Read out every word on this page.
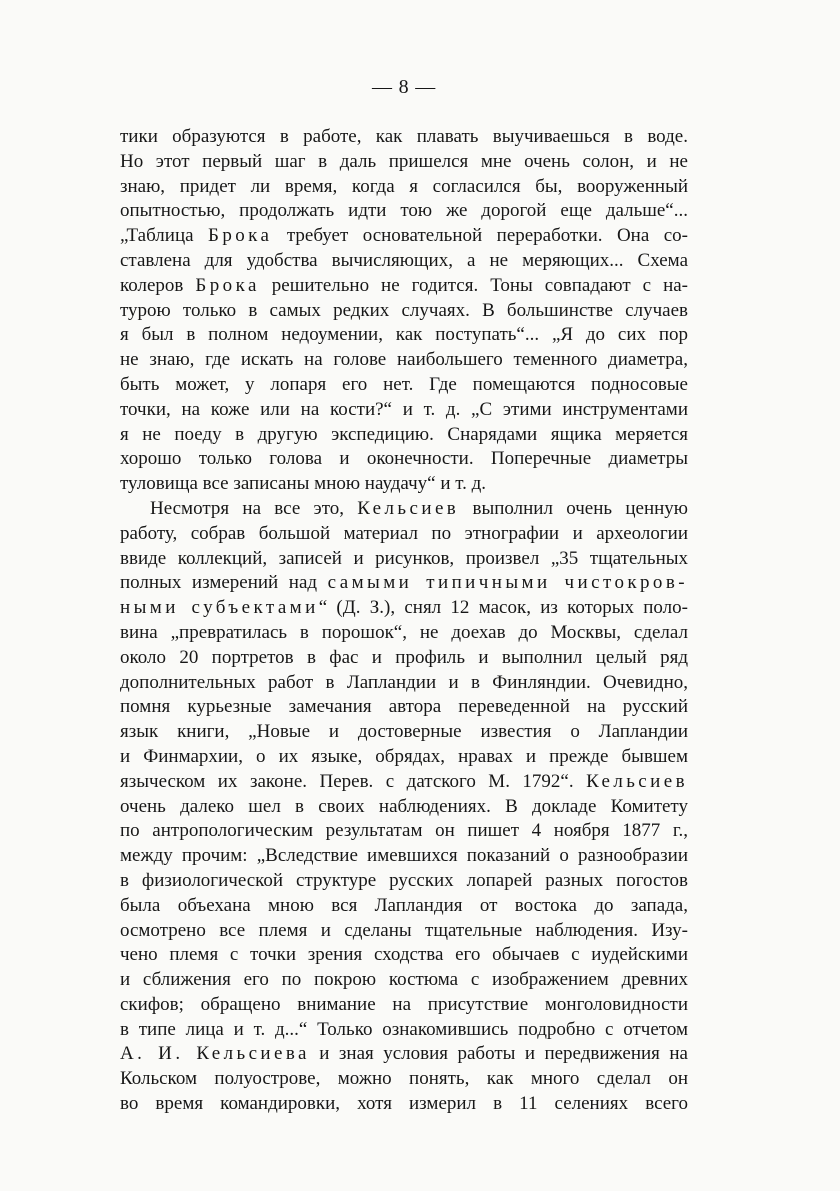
— 8 —
тики образуются в работе, как плавать выучиваешься в воде.
Но этот первый шаг в даль пришелся мне очень солон, и не
знаю, придет ли время, когда я согласился бы, вооруженный
опытностью, продолжать идти тою же дорогой еще дальше“...
„Таблица Брока требует основательной переработки. Она со-
ставлена для удобства вычисляющих, а не меряющих... Схема
колеров Брока решительно не годится. Тоны совпадают с на-
турою только в самых редких случаях. В большинстве случаев
я был в полном недоумении, как поступать“... „Я до сих пор
не знаю, где искать на голове наибольшего теменного диаметра,
быть может, у лопаря его нет. Где помещаются подносовые
точки, на коже или на кости?“ и т. д. „С этими инструментами
я не поеду в другую экспедицию. Снарядами ящика меряется
хорошо только голова и оконечности. Поперечные диаметры
туловища все записаны мною наудачу“ и т. д.
Несмотря на все это, Кельсиев выполнил очень ценную
работу, собрав большой материал по этнографии и археологии
ввиде коллекций, записей и рисунков, произвел „35 тщательных
полных измерений над самыми типичными чистокров-
ными субъектами“ (Д. З.), снял 12 масок, из которых поло-
вина „превратилась в порошок“, не доехав до Москвы, сделал
около 20 портретов в фас и профиль и выполнил целый ряд
дополнительных работ в Лапландии и в Финляндии. Очевидно,
помня курьезные замечания автора переведенной на русский
язык книги, „Новые и достоверные известия о Лапландии
и Финмархии, о их языке, обрядах, нравах и прежде бывшем
языческом их законе. Перев. с датского М. 1792“. Кельсиев
очень далеко шел в своих наблюдениях. В докладе Комитету
по антропологическим результатам он пишет 4 ноября 1877 г.,
между прочим: „Вследствие имевшихся показаний о разнообразии
в физиологической структуре русских лопарей разных погостов
была объехана мною вся Лапландия от востока до запада,
осмотрено все племя и сделаны тщательные наблюдения. Изу-
чено племя с точки зрения сходства его обычаев с иудейскими
и сближения его по покрою костюма с изображением древних
скифов; обращено внимание на присутствие монголовидности
в типе лица и т. д...“ Только ознакомившись подробно с отчетом
А. И. Кельсиева и зная условия работы и передвижения на
Кольском полуострове, можно понять, как много сделал он
во время командировки, хотя измерил в 11 селениях всего
